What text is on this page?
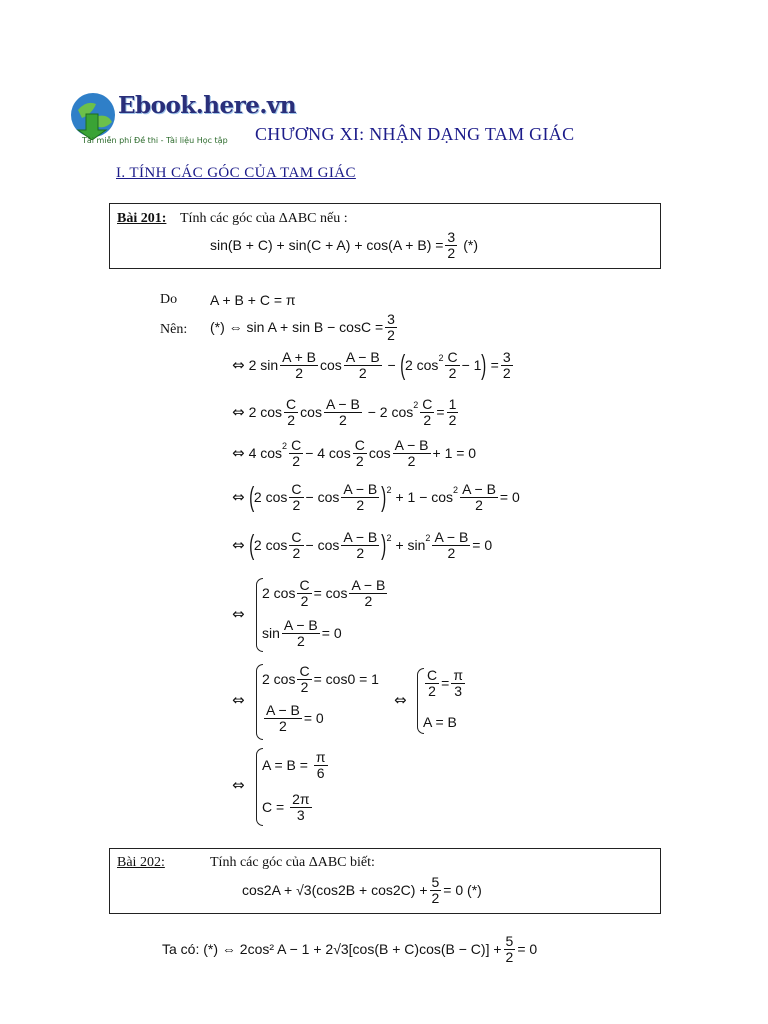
Ebook.here.vn
Tải miễn phí Đề thi - Tài liệu Học tập CHƯƠNG XI: NHẬN DẠNG TAM GIÁC
I. TÍNH CÁC GÓC CỦA TAM GIÁC
Bài 201: Tính các góc của ΔABC nếu :
$\sin(B + C) + \sin(C + A) + \cos(A + B) = \frac{3}{2}$ (*)
Do A + B + C = π
Nên: (*) ⇔ $\sin A + \sin B - \cos C = \frac{3}{2}$
⇔ 2 sin
A + B
2 cos
A − B
2 − ( 2 cos 2 C
2 − 1 ) =
3
2
⇔ 2 cos
C
2 cos
A − B
2 − 2 cos 2 C
2 =
1
2
⇔ 4 cos 2 C
2 − 4 cos
C
2 cos
A − B
2 + 1 = 0
⇔ ( 2 cos
C
2 − cos
A − B
2 ) 2 + 1 − cos 2 A − B
2 = 0
⇔ ( 2 cos
C
2 − cos
A − B
2 ) 2 + sin 2 A − B
2 = 0
⇔
2 cos
C
2 = cos
A − B
2
sin
A − B
2 = 0
⇔
2 cos
C
2 = cos0 = 1
A − B
2 = 0
⇔
C
2 =
π
3
A = B
⇔
A = B =
$\frac{\pi}{6}$
C =
$\frac{2\pi}{3}$
Bài 202:	Tính các góc của ΔABC biết:
$\cos 2A + √3(\cos 2B + \cos 2C) + \frac{5}{2} = 0$ (*)
Ta có: (*) ⇔ 2cos² $A - 1 + 2√3[\cos(B + C)\cos(B - C)] + \frac{5}{2} = 0$
